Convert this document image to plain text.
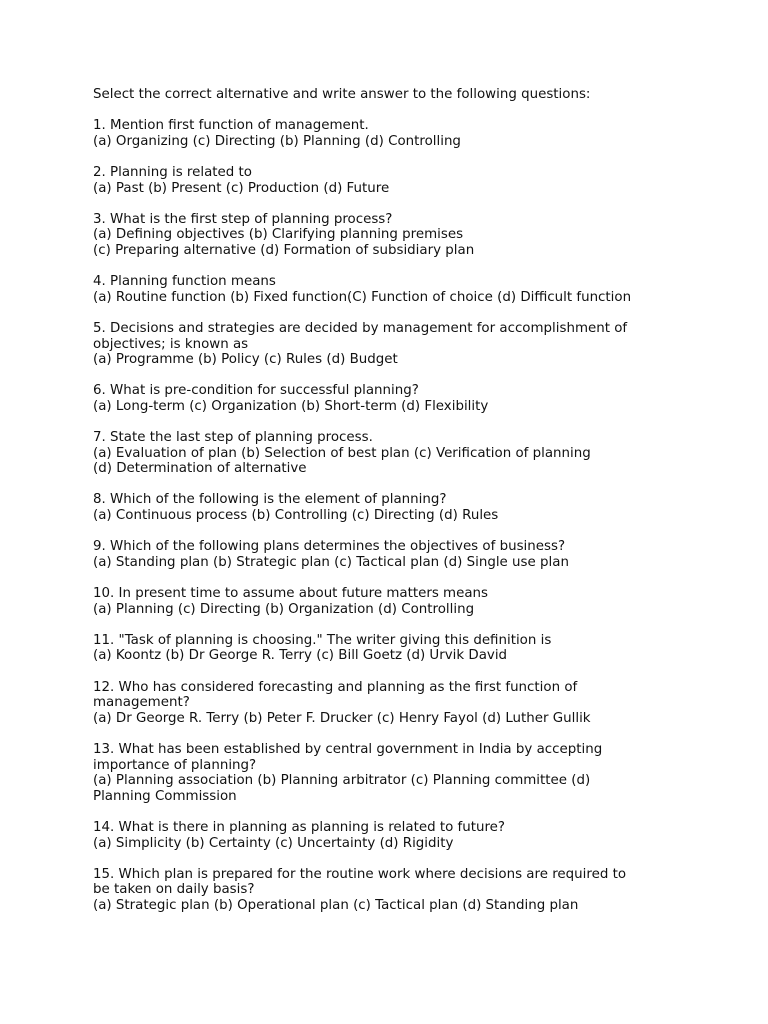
Select the correct alternative and write answer to the following questions:
1. Mention first function of management.
(a) Organizing (c) Directing (b) Planning (d) Controlling
2. Planning is related to
(a) Past (b) Present (c) Production (d) Future
3. What is the first step of planning process?
(a) Defining objectives (b) Clarifying planning premises
(c) Preparing alternative (d) Formation of subsidiary plan
4. Planning function means
(a) Routine function (b) Fixed function(C) Function of choice (d) Difficult function
5. Decisions and strategies are decided by management for accomplishment of
objectives; is known as
(a) Programme (b) Policy (c) Rules (d) Budget
6. What is pre-condition for successful planning?
(a) Long-term (c) Organization (b) Short-term (d) Flexibility
7. State the last step of planning process.
(a) Evaluation of plan (b) Selection of best plan (c) Verification of planning
(d) Determination of alternative
8. Which of the following is the element of planning?
(a) Continuous process (b) Controlling (c) Directing (d) Rules
9. Which of the following plans determines the objectives of business?
(a) Standing plan (b) Strategic plan (c) Tactical plan (d) Single use plan
10. In present time to assume about future matters means
(a) Planning (c) Directing (b) Organization (d) Controlling
11. "Task of planning is choosing." The writer giving this definition is
(a) Koontz (b) Dr George R. Terry (c) Bill Goetz (d) Urvik David
12. Who has considered forecasting and planning as the first function of
management?
(a) Dr George R. Terry (b) Peter F. Drucker (c) Henry Fayol (d) Luther Gullik
13. What has been established by central government in India by accepting
importance of planning?
(a) Planning association (b) Planning arbitrator (c) Planning committee (d)
Planning Commission
14. What is there in planning as planning is related to future?
(a) Simplicity (b) Certainty (c) Uncertainty (d) Rigidity
15. Which plan is prepared for the routine work where decisions are required to
be taken on daily basis?
(a) Strategic plan (b) Operational plan (c) Tactical plan (d) Standing plan
